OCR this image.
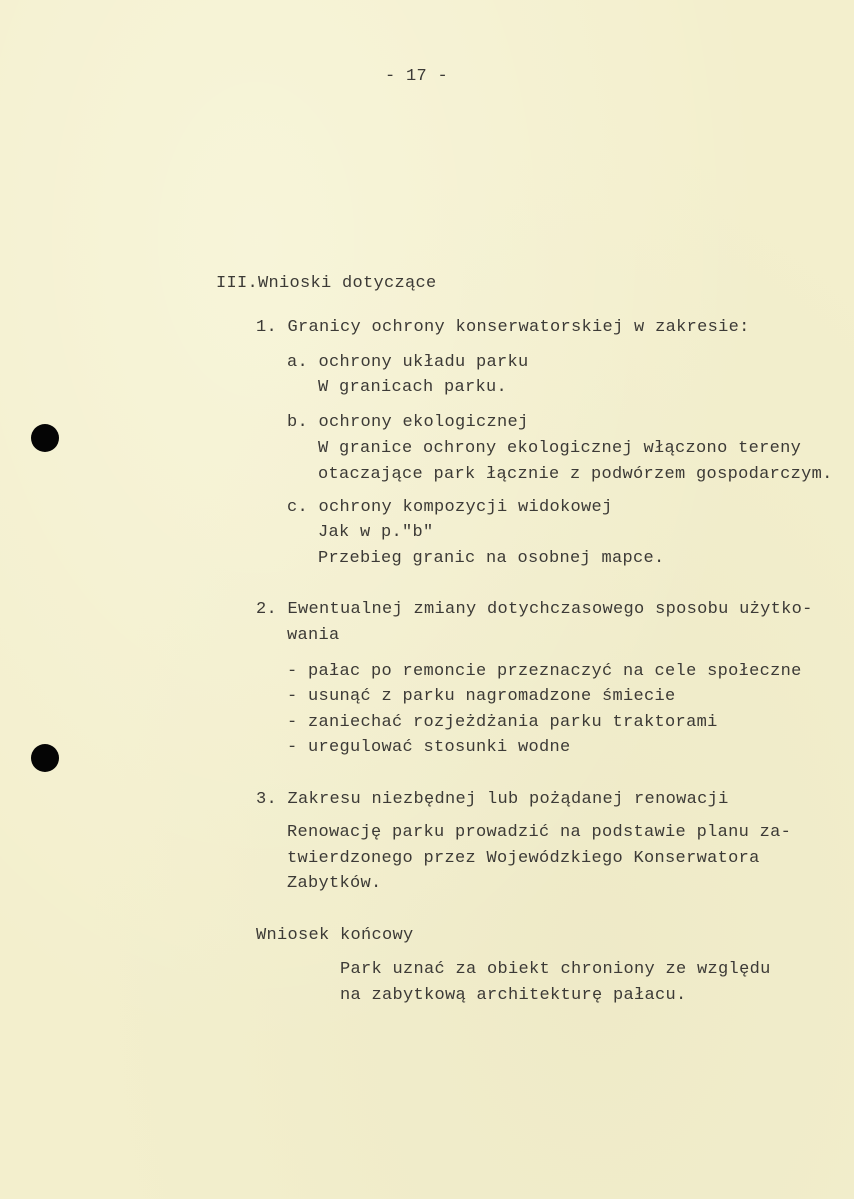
- 17 -
III.Wnioski dotyczące
1. Granicy ochrony konserwatorskiej w zakresie:
a. ochrony układu parku
W granicach parku.
b. ochrony ekologicznej
W granice ochrony ekologicznej włączono tereny
otaczające park łącznie z podwórzem gospodarczym.
c. ochrony kompozycji widokowej
Jak w p."b"
Przebieg granic na osobnej mapce.
2. Ewentualnej zmiany dotychczasowego sposobu użytko-
wania
- pałac po remoncie przeznaczyć na cele społeczne
- usunąć z parku nagromadzone śmiecie
- zaniechać rozjeżdżania parku traktorami
- uregulować stosunki wodne
3. Zakresu niezbędnej lub pożądanej renowacji
Renowację parku prowadzić na podstawie planu za-
twierdzonego przez Wojewódzkiego Konserwatora
Zabytków.
Wniosek końcowy
Park uznać za obiekt chroniony ze względu
na zabytkową architekturę pałacu.
